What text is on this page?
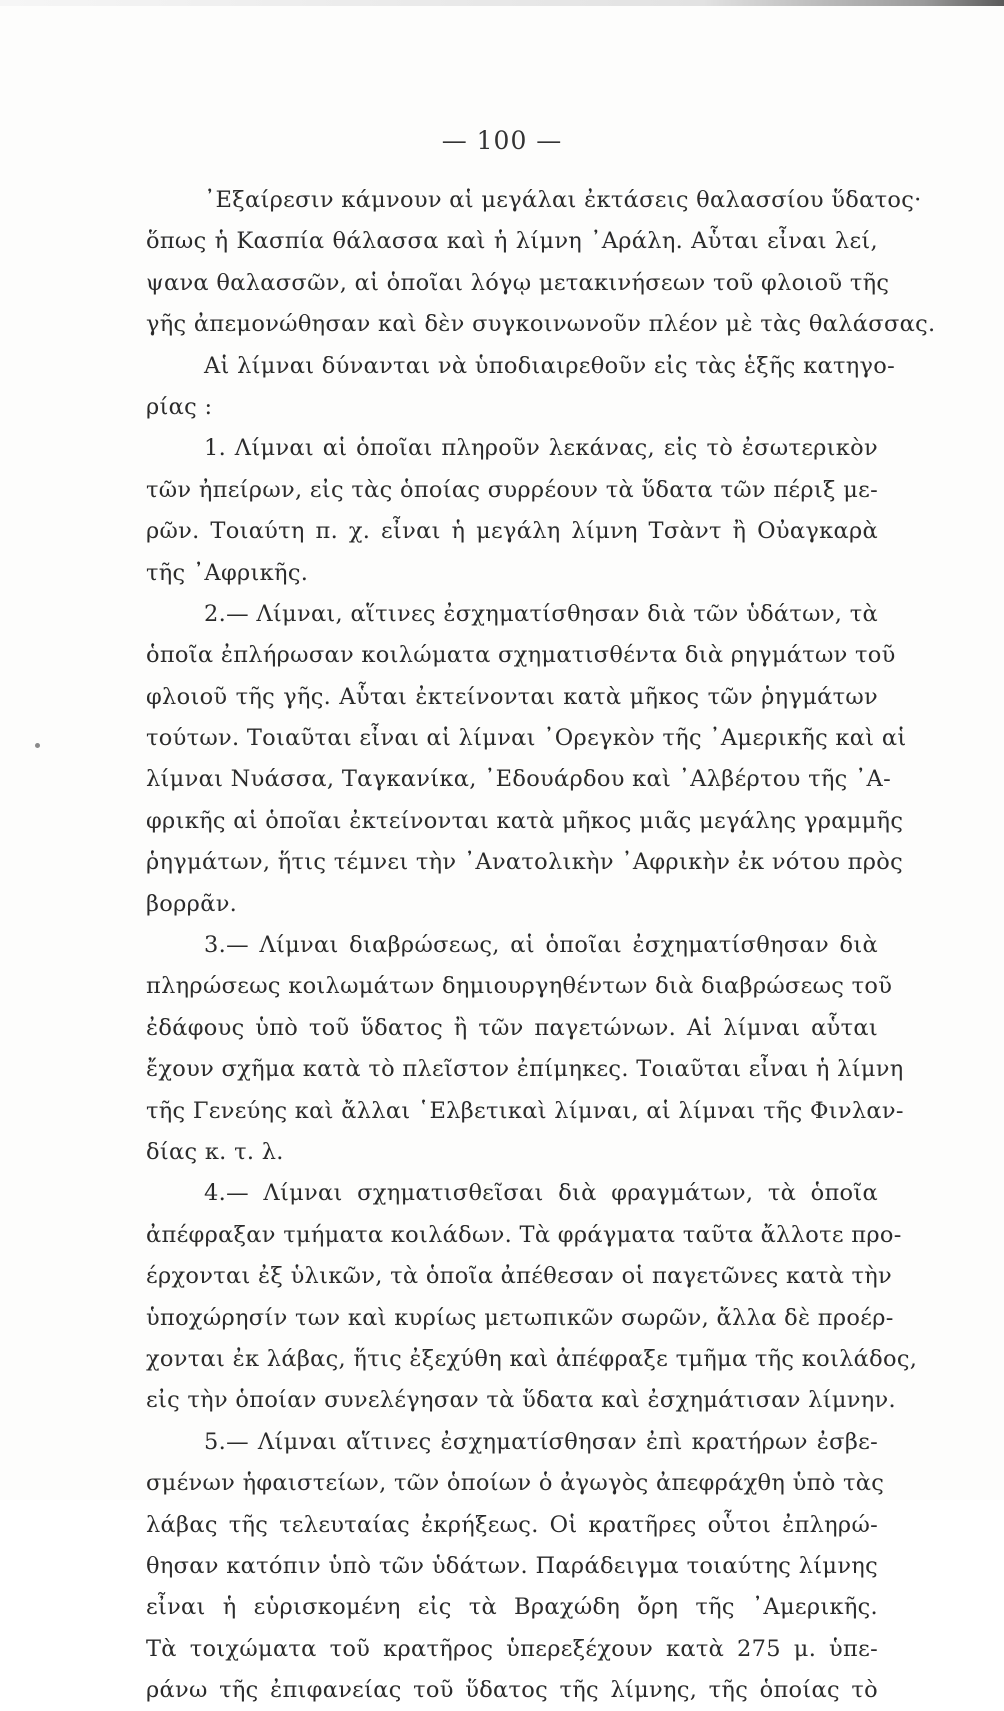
— 100 —
᾽Εξαίρεσιν κάμνουν αἱ μεγάλαι ἐκτάσεις θαλασσίου ὕδατος·
ὅπως ἡ Κασπία θάλασσα καὶ ἡ λίμνη ᾽Αράλη. Αὗται εἶναι λεί,
ψανα θαλασσῶν, αἱ ὁποῖαι λόγῳ μετακινήσεων τοῦ φλοιοῦ τῆς
γῆς ἀπεμονώθησαν καὶ δὲν συγκοινωνοῦν πλέον μὲ τὰς θαλάσσας.
Αἱ λίμναι δύνανται νὰ ὑποδιαιρεθοῦν εἰς τὰς ἑξῆς κατηγο-
ρίας :
1. Λίμναι αἱ ὁποῖαι πληροῦν λεκάνας, εἰς τὸ ἐσωτερικὸν
τῶν ἠπείρων, εἰς τὰς ὁποίας συρρέουν τὰ ὕδατα τῶν πέριξ με-
ρῶν. Τοιαύτη π. χ. εἶναι ἡ μεγάλη λίμνη Τσὰντ ἢ Οὐαγκαρὰ
τῆς ᾽Αφρικῆς.
2.— Λίμναι, αἵτινες ἐσχηματίσθησαν διὰ τῶν ὑδάτων, τὰ
ὁποῖα ἐπλήρωσαν κοιλώματα σχηματισθέντα διὰ ρηγμάτων τοῦ
φλοιοῦ τῆς γῆς. Αὗται ἐκτείνονται κατὰ μῆκος τῶν ῥηγμάτων
τούτων. Τοιαῦται εἶναι αἱ λίμναι ᾽Ορεγκὸν τῆς ᾽Αμερικῆς καὶ αἱ
λίμναι Νυάσσα, Ταγκανίκα, ᾽Εδουάρδου καὶ ᾽Αλβέρτου τῆς ᾽Α-
φρικῆς αἱ ὁποῖαι ἐκτείνονται κατὰ μῆκος μιᾶς μεγάλης γραμμῆς
ῥηγμάτων, ἥτις τέμνει τὴν ᾽Ανατολικὴν ᾽Αφρικὴν ἐκ νότου πρὸς
βορρᾶν.
3.— Λίμναι διαβρώσεως, αἱ ὁποῖαι ἐσχηματίσθησαν διὰ
πληρώσεως κοιλωμάτων δημιουργηθέντων διὰ διαβρώσεως τοῦ
ἐδάφους ὑπὸ τοῦ ὕδατος ἢ τῶν παγετώνων. Αἱ λίμναι αὗται
ἔχουν σχῆμα κατὰ τὸ πλεῖστον ἐπίμηκες. Τοιαῦται εἶναι ἡ λίμνη
τῆς Γενεύης καὶ ἄλλαι ῾Ελβετικαὶ λίμναι, αἱ λίμναι τῆς Φινλαν-
δίας κ. τ. λ.
4.— Λίμναι σχηματισθεῖσαι διὰ φραγμάτων, τὰ ὁποῖα
ἀπέφραξαν τμήματα κοιλάδων. Τὰ φράγματα ταῦτα ἄλλοτε προ-
έρχονται ἐξ ὑλικῶν, τὰ ὁποῖα ἀπέθεσαν οἱ παγετῶνες κατὰ τὴν
ὑποχώρησίν των καὶ κυρίως μετωπικῶν σωρῶν, ἄλλα δὲ προέρ-
χονται ἐκ λάβας, ἥτις ἐξεχύθη καὶ ἀπέφραξε τμῆμα τῆς κοιλάδος,
εἰς τὴν ὁποίαν συνελέγησαν τὰ ὕδατα καὶ ἐσχημάτισαν λίμνην.
5.— Λίμναι αἵτινες ἐσχηματίσθησαν ἐπὶ κρατήρων ἐσβε-
σμένων ἡφαιστείων, τῶν ὁποίων ὁ ἀγωγὸς ἀπεφράχθη ὑπὸ τὰς
λάβας τῆς τελευταίας ἐκρήξεως. Οἱ κρατῆρες οὗτοι ἐπληρώ-
θησαν κατόπιν ὑπὸ τῶν ὑδάτων. Παράδειγμα τοιαύτης λίμνης
εἶναι ἡ εὑρισκομένη εἰς τὰ Βραχώδη ὄρη τῆς ᾽Αμερικῆς.
Τὰ τοιχώματα τοῦ κρατῆρος ὑπερεξέχουν κατὰ 275 μ. ὑπε-
ράνω τῆς ἐπιφανείας τοῦ ὕδατος τῆς λίμνης, τῆς ὁποίας τὸ
